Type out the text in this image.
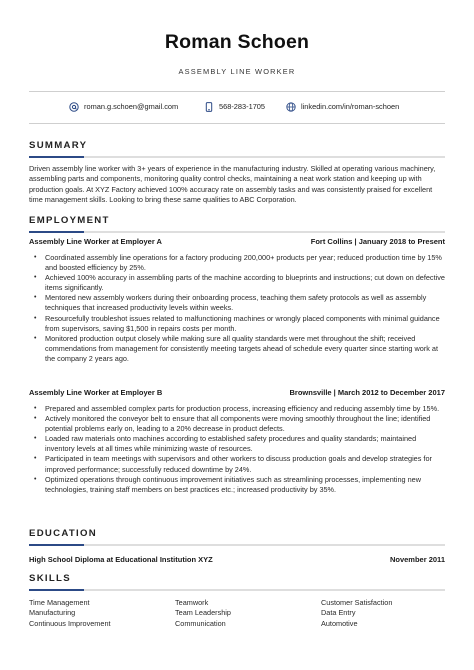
Roman Schoen
ASSEMBLY LINE WORKER
roman.g.schoen@gmail.com	568-283-1705	linkedin.com/in/roman-schoen
SUMMARY

Driven assembly line worker with 3+ years of experience in the manufacturing industry. Skilled at operating various machinery, assembling parts and components, monitoring quality control checks, maintaining a neat work station and keeping up with production goals. At XYZ Factory achieved 100% accuracy rate on assembly tasks and was consistently praised for excellent time management skills. Looking to bring these same qualities to ABC Corporation.

EMPLOYMENT
Assembly Line Worker at Employer A	Fort Collins | January 2018 to Present
• Coordinated assembly line operations for a factory producing 200,000+ products per year; reduced production time by 15% and boosted efficiency by 25%.
• Achieved 100% accuracy in assembling parts of the machine according to blueprints and instructions; cut down on defective items significantly.
• Mentored new assembly workers during their onboarding process, teaching them safety protocols as well as assembly techniques that increased productivity levels within weeks.
• Resourcefully troubleshot issues related to malfunctioning machines or wrongly placed components with minimal guidance from supervisors, saving $1,500 in repairs costs per month.
• Monitored production output closely while making sure all quality standards were met throughout the shift; received commendations from management for consistently meeting targets ahead of schedule every quarter since starting work at the company 2 years ago.
Assembly Line Worker at Employer B	Brownsville | March 2012 to December 2017
• Prepared and assembled complex parts for production process, increasing efficiency and reducing assembly time by 15%.
• Actively monitored the conveyor belt to ensure that all components were moving smoothly throughout the line; identified potential problems early on, leading to a 20% decrease in product defects.
• Loaded raw materials onto machines according to established safety procedures and quality standards; maintained inventory levels at all times while minimizing waste of resources.
• Participated in team meetings with supervisors and other workers to discuss production goals and develop strategies for improved performance; successfully reduced downtime by 24%.
• Optimized operations through continuous improvement initiatives such as streamlining processes, implementing new technologies, training staff members on best practices etc.; increased productivity by 35%.
EDUCATION
High School Diploma at Educational Institution XYZ	November 2011
SKILLS
Time Management	Teamwork	Customer Satisfaction
Manufacturing	Team Leadership	Data Entry
Continuous Improvement	Communication	Automotive
